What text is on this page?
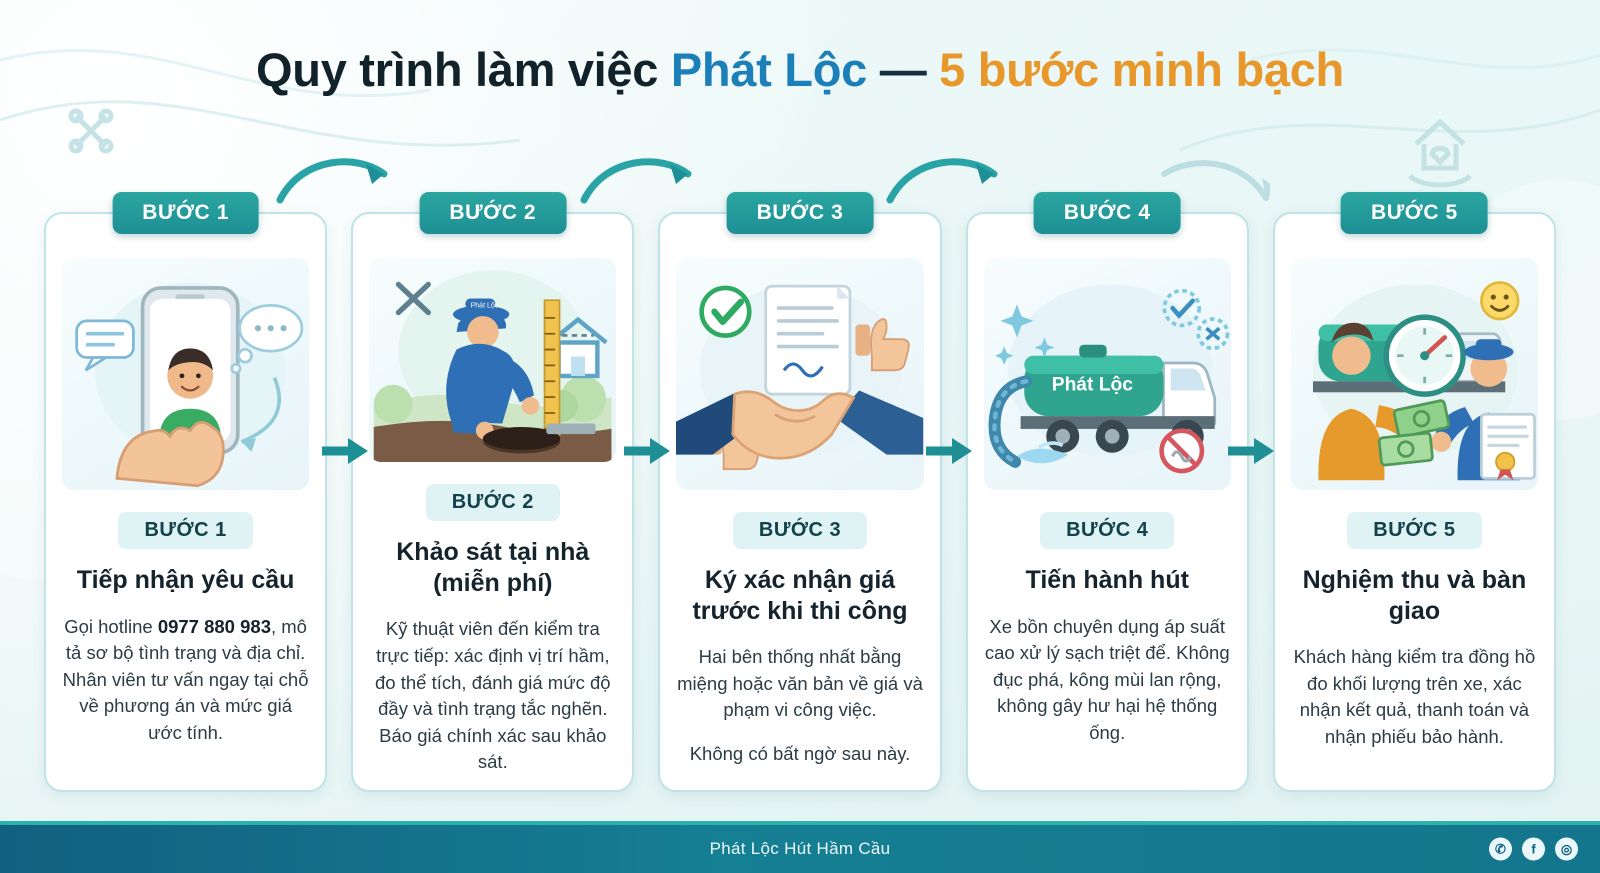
Quy trình làm việc Phát Lộc — 5 bước minh bạch
BƯỚC 1
BƯỚC 1
Tiếp nhận yêu cầu

Gọi hotline 0977 880 983, mô tả sơ bộ tình trạng và địa chỉ. Nhân viên tư vấn ngay tại chỗ về phương án và mức giá ước tính.

BƯỚC 2
Phát Lộc
BƯỚC 2
Khảo sát tại nhà (miễn phí)

Kỹ thuật viên đến kiểm tra trực tiếp: xác định vị trí hầm, đo thể tích, đánh giá mức độ đầy và tình trạng tắc nghẽn. Báo giá chính xác sau khảo sát.

BƯỚC 3
BƯỚC 3
Ký xác nhận giá trước khi thi công

Hai bên thống nhất bằng miệng hoặc văn bản về giá và phạm vi công việc.

Không có bất ngờ sau này.

BƯỚC 4
Phát Lộc
BƯỚC 4
Tiến hành hút

Xe bồn chuyên dụng áp suất cao xử lý sạch triệt để. Không đục phá, kông mùi lan rộng, không gây hư hại hệ thống ống.

BƯỚC 5
BƯỚC 5
Nghiệm thu và bàn giao

Khách hàng kiểm tra đồng hồ đo khối lượng trên xe, xác nhận kết quả, thanh toán và nhận phiếu bảo hành.

Phát Lộc Hút Hầm Cầu	✆	f	◎
